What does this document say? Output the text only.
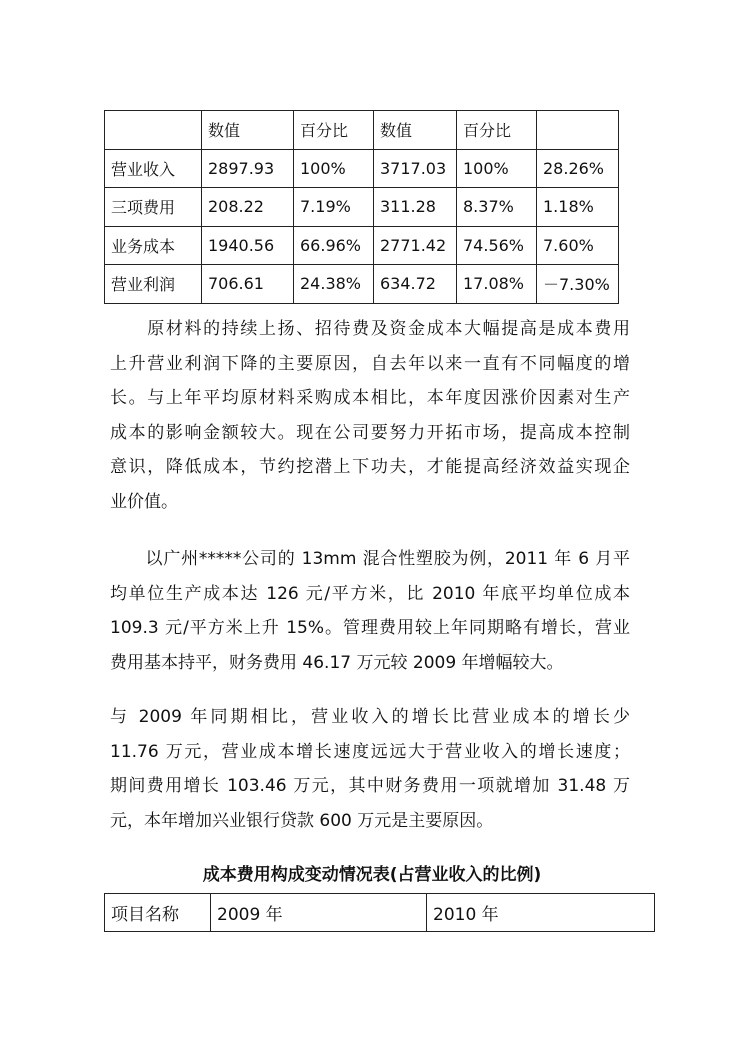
	数值	百分比	数值	百分比	
营业收入	2897.93	100%	3717.03	100%	28.26%
三项费用	208.22	7.19%	311.28	8.37%	1.18%
业务成本	1940.56	66.96%	2771.42	74.56%	7.60%
营业利润	706.61	24.38%	634.72	17.08%	－7.30%
　　原材料的持续上扬、招待费及资金成本大幅提高是成本费用
上升营业利润下降的主要原因，自去年以来一直有不同幅度的增
长。与上年平均原材料采购成本相比，本年度因涨价因素对生产
成本的影响金额较大。现在公司要努力开拓市场，提高成本控制
意识，降低成本，节约挖潜上下功夫，才能提高经济效益实现企
业价值。
　　以广州*****公司的 13mm 混合性塑胶为例，2011 年 6 月平
均单位生产成本达 126 元/平方米，比 2010 年底平均单位成本
109.3 元/平方米上升 15%。管理费用较上年同期略有增长，营业
费用基本持平，财务费用 46.17 万元较 2009 年增幅较大。
与 2009 年同期相比，营业收入的增长比营业成本的增长少
11.76 万元，营业成本增长速度远远大于营业收入的增长速度；
期间费用增长 103.46 万元，其中财务费用一项就增加 31.48 万
元，本年增加兴业银行贷款 600 万元是主要原因。
成本费用构成变动情况表(占营业收入的比例)
项目名称	2009 年	2010 年
